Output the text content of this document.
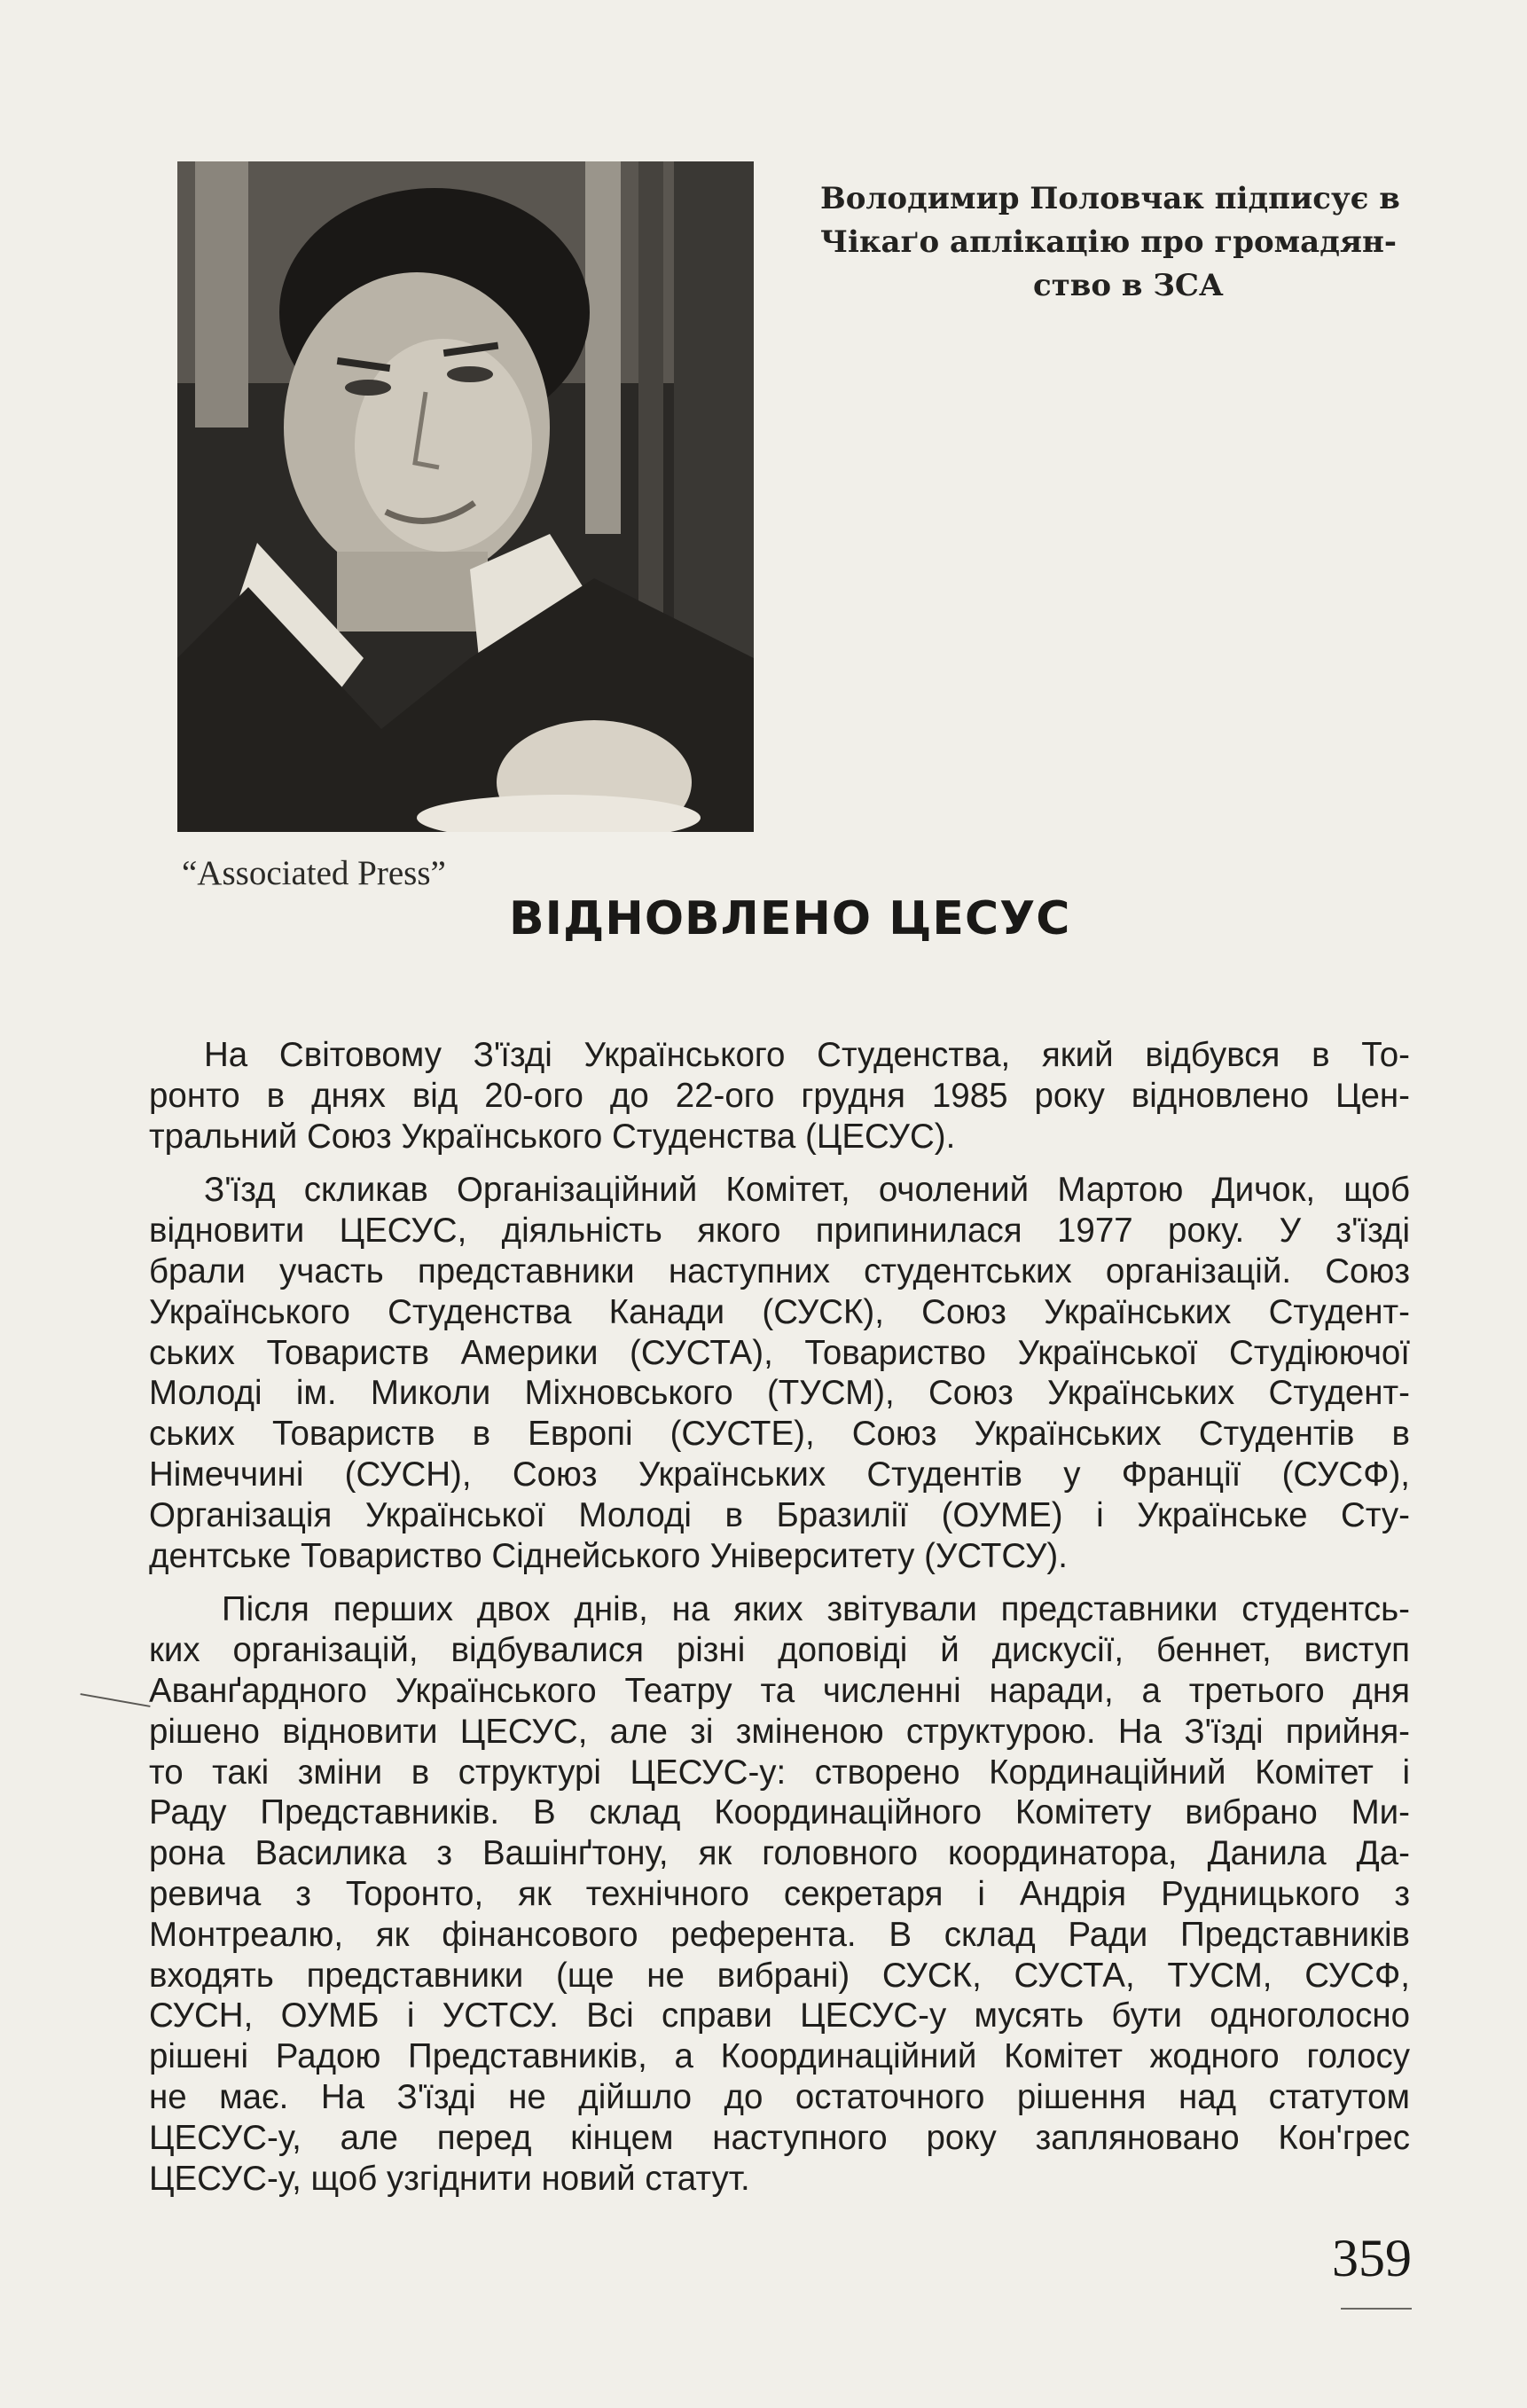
Володимир Половчак підписує в
Чікаґо аплікацію про громадян-
ство в ЗСА
“Associated Press”
ВІДНОВЛЕНО ЦЕСУС

На Світовому З'їзді Українського Студенства, який відбувся в То-
ронто в днях від 20-ого до 22-ого грудня 1985 року відновлено Цен-
тральний Союз Українського Студенства (ЦЕСУС).

З'їзд скликав Організаційний Комітет, очолений Мартою Дичок, щоб
відновити ЦЕСУС, діяльність якого припинилася 1977 року. У з'їзді
брали участь представники наступних студентських організацій. Союз
Українського Студенства Канади (СУСК), Союз Українських Студент-
ських Товариств Америки (СУСТА), Товариство Української Студіюючої
Молоді ім. Миколи Міхновського (ТУСМ), Союз Українських Студент-
ських Товариств в Европі (СУСТЕ), Союз Українських Студентів в
Німеччині (СУСН), Союз Українських Студентів у Франції (СУСФ),
Організація Української Молоді в Бразилії (ОУМЕ) і Українське Сту-
дентське Товариство Сіднейського Університету (УСТСУ).

Після перших двох днів, на яких звітували представники студентсь-
ких організацій, відбувалися різні доповіді й дискусії, беннет, виступ
Аванґардного Українського Театру та численні наради, а третього дня
рішено відновити ЦЕСУС, але зі зміненою структурою. На З'їзді прийня-
то такі зміни в структурі ЦЕСУС-у: створено Кординаційний Комітет і
Раду Представників. В склад Координаційного Комітету вибрано Ми-
рона Василика з Вашінґтону, як головного координатора, Данила Да-
ревича з Торонто, як технічного секретаря і Андрія Рудницького з
Монтреалю, як фінансового референта. В склад Ради Представників
входять представники (ще не вибрані) СУСК, СУСТА, ТУСМ, СУСФ,
СУСН, ОУМБ і УСТСУ. Всі справи ЦЕСУС-у мусять бути одноголосно
рішені Радою Представників, а Координаційний Комітет жодного голосу
не має. На З'їзді не дійшло до остаточного рішення над статутом
ЦЕСУС-у, але перед кінцем наступного року заплянованo Кон'грес
ЦЕСУС-у, щоб узгіднити новий статут.

359
